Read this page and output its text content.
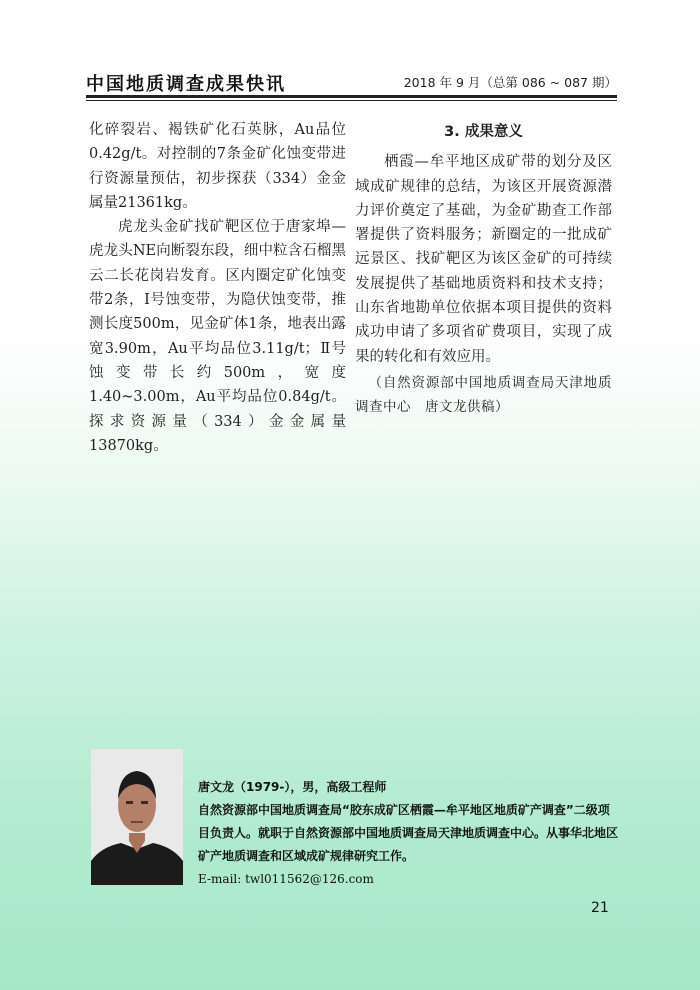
中国地质调查成果快讯	2018 年 9 月（总第 086 ~ 087 期）

化碎裂岩、褐铁矿化石英脉，Au品位0.42g/t。对控制的7条金矿化蚀变带进行资源量预估，初步探获（334）金金属量21361kg。

虎龙头金矿找矿靶区位于唐家埠—虎龙头NE向断裂东段，细中粒含石榴黑云二长花岗岩发育。区内圈定矿化蚀变带2条，Ⅰ号蚀变带，为隐伏蚀变带，推测长度500m，见金矿体1条，地表出露宽3.90m，Au平均品位3.11g/t；Ⅱ号蚀变带长约500m，宽度1.40~3.00m，Au平均品位0.84g/t。探求资源量（334）金金属量13870kg。

3. 成果意义

栖霞—牟平地区成矿带的划分及区域成矿规律的总结，为该区开展资源潜力评价奠定了基础，为金矿勘查工作部署提供了资料服务；新圈定的一批成矿远景区、找矿靶区为该区金矿的可持续发展提供了基础地质资料和技术支持；山东省地勘单位依据本项目提供的资料成功申请了多项省矿费项目，实现了成果的转化和有效应用。

（自然资源部中国地质调查局天津地质调查中心　唐文龙供稿）

唐文龙（1979-），男，高级工程师

自然资源部中国地质调查局“胶东成矿区栖霞—牟平地区地质矿产调查”二级项目负责人。就职于自然资源部中国地质调查局天津地质调查中心。从事华北地区矿产地质调查和区域成矿规律研究工作。

E-mail: twl011562@126.com

21
